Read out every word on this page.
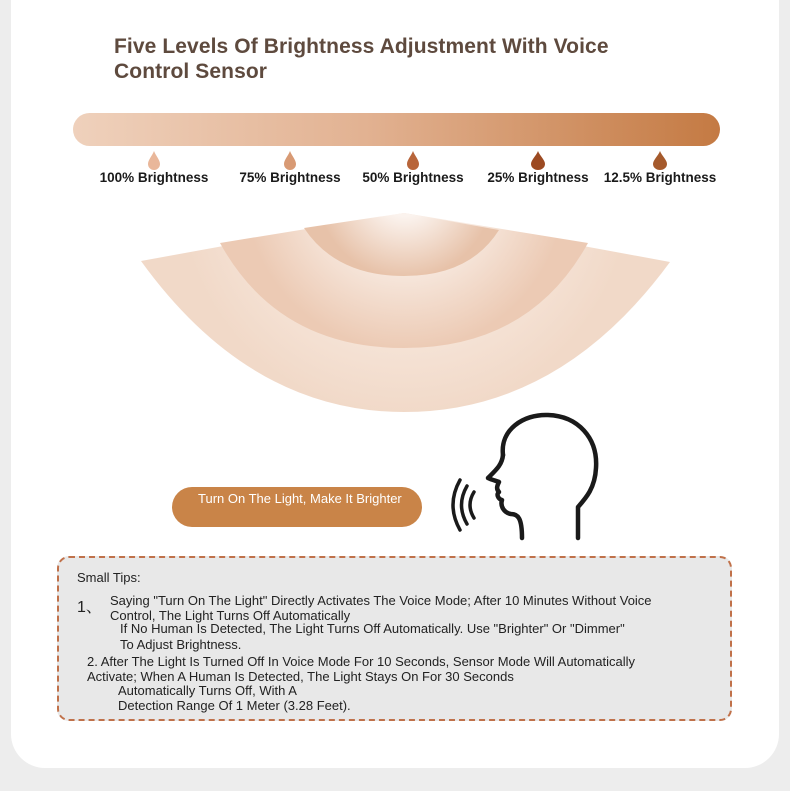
Five Levels Of Brightness Adjustment With Voice Control Sensor
100% Brightness	75% Brightness	50% Brightness	25% Brightness	12.5% Brightness
Turn On The Light, Make It Brighter
Small Tips:
1、 Saying "Turn On The Light" Directly Activates The Voice Mode; After 10 Minutes Without Voice
Control, The Light Turns Off Automatically
If No Human Is Detected, The Light Turns Off Automatically. Use "Brighter" Or "Dimmer"
To Adjust Brightness.
2. After The Light Is Turned Off In Voice Mode For 10 Seconds, Sensor Mode Will Automatically
Activate; When A Human Is Detected, The Light Stays On For 30 Seconds
Automatically Turns Off, With A
Detection Range Of 1 Meter (3.28 Feet).
